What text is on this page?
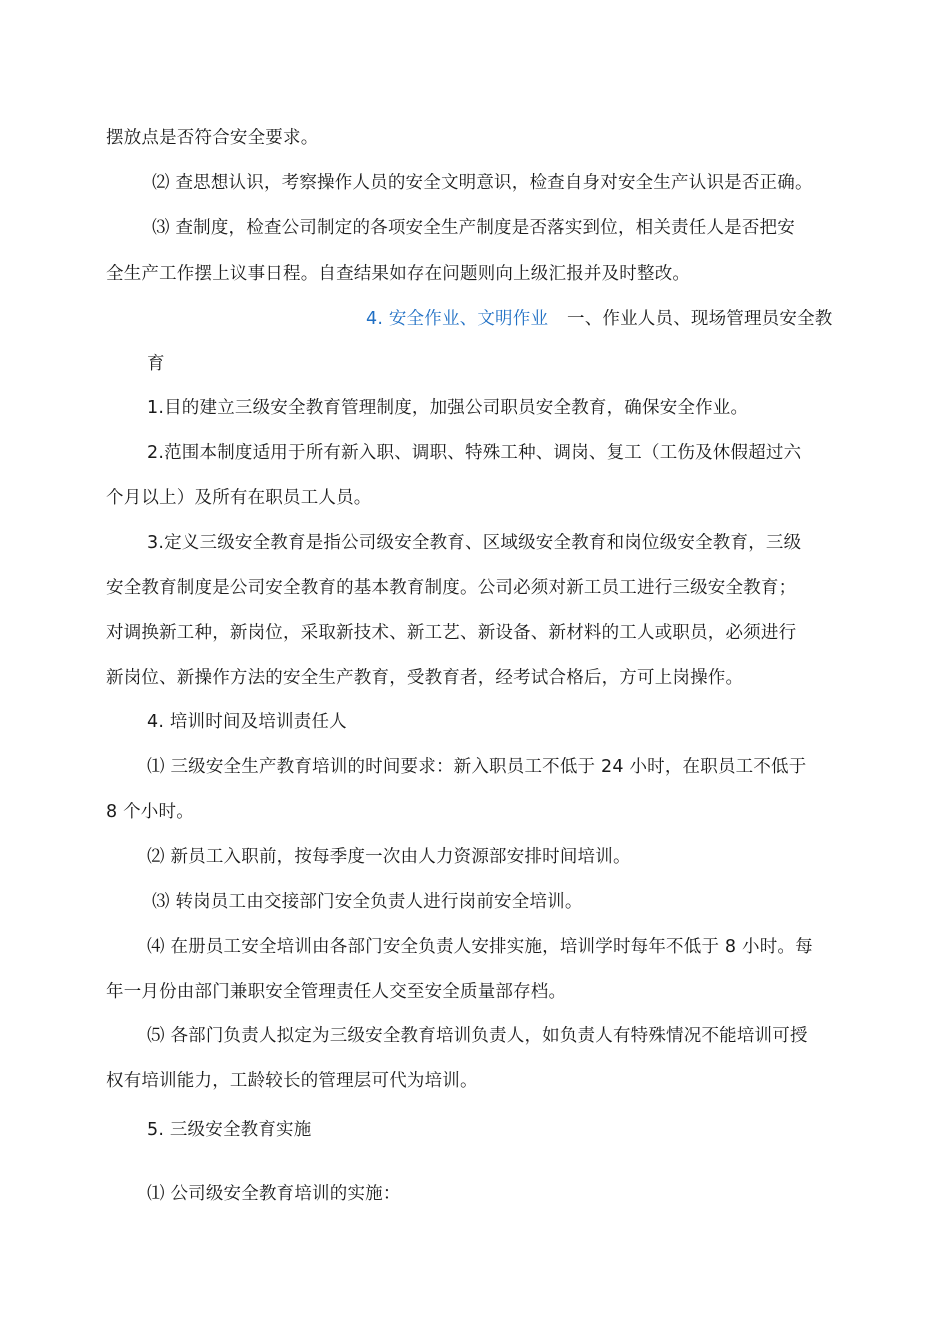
摆放点是否符合安全要求。
⑵ 查思想认识，考察操作人员的安全文明意识，检查自身对安全生产认识是否正确。
⑶ 查制度，检查公司制定的各项安全生产制度是否落实到位，相关责任人是否把安
全生产工作摆上议事日程。自查结果如存在问题则向上级汇报并及时整改。
4. 安全作业、文明作业 一、作业人员、现场管理员安全教
育
1.目的建立三级安全教育管理制度，加强公司职员安全教育，确保安全作业。
2.范围本制度适用于所有新入职、调职、特殊工种、调岗、复工（工伤及休假超过六
个月以上）及所有在职员工人员。
3.定义三级安全教育是指公司级安全教育、区域级安全教育和岗位级安全教育，三级
安全教育制度是公司安全教育的基本教育制度。公司必须对新工员工进行三级安全教育；
对调换新工种，新岗位，采取新技术、新工艺、新设备、新材料的工人或职员，必须进行
新岗位、新操作方法的安全生产教育，受教育者，经考试合格后，方可上岗操作。
4. 培训时间及培训责任人
⑴ 三级安全生产教育培训的时间要求：新入职员工不低于 24 小时，在职员工不低于
8 个小时。
⑵ 新员工入职前，按每季度一次由人力资源部安排时间培训。
⑶ 转岗员工由交接部门安全负责人进行岗前安全培训。
⑷ 在册员工安全培训由各部门安全负责人安排实施，培训学时每年不低于 8 小时。每
年一月份由部门兼职安全管理责任人交至安全质量部存档。
⑸ 各部门负责人拟定为三级安全教育培训负责人，如负责人有特殊情况不能培训可授
权有培训能力，工龄较长的管理层可代为培训。
5. 三级安全教育实施
⑴ 公司级安全教育培训的实施：
